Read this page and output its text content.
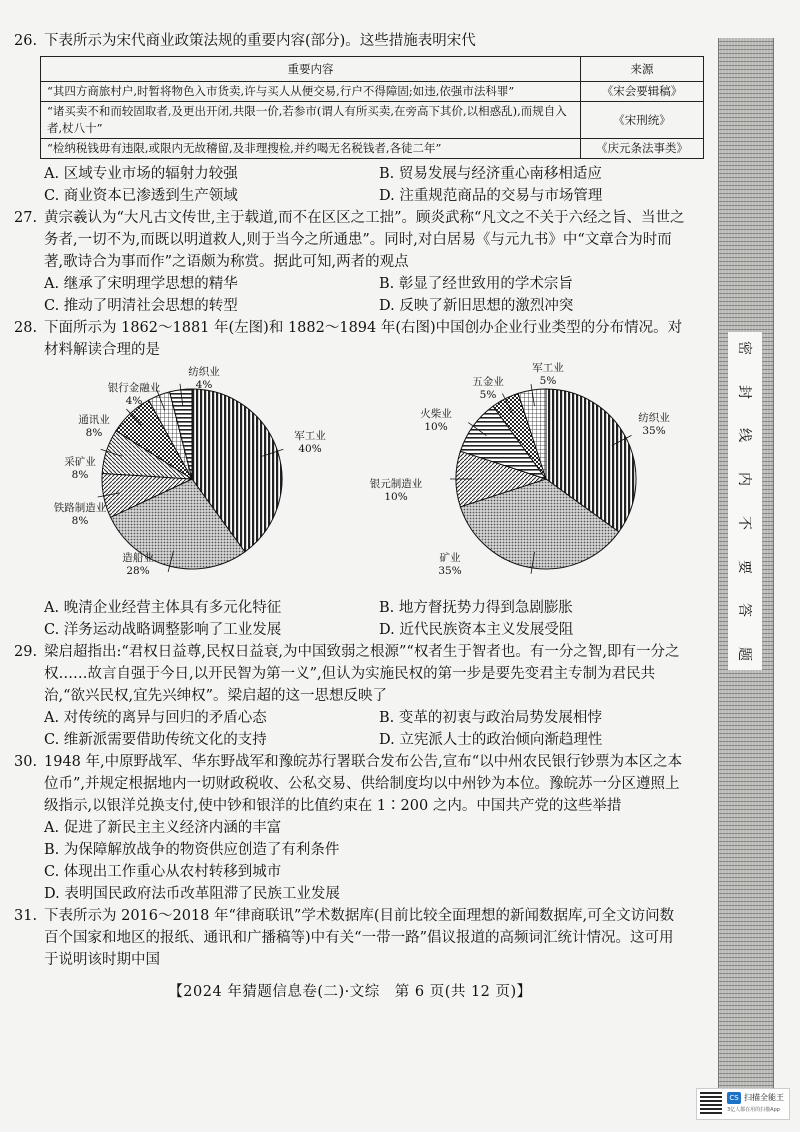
26. 下表所示为宋代商业政策法规的重要内容(部分)。这些措施表明宋代

重要内容	来源
“其四方商旅村户,时暂将物色入市货卖,许与买人从便交易,行户不得障固;如违,依强市法科罪”	《宋会要辑稿》
“诸买卖不和而较固取者,及更出开闭,共限一价,若参市(谓人有所买卖,在旁高下其价,以相惑乱),而规自入者,杖八十”	《宋刑统》
“检纳税钱毋有违限,或限内无故稽留,及非理搜检,并约喝无名税钱者,各徒二年”	《庆元条法事类》
A. 区域专业市场的辐射力较强	B. 贸易发展与经济重心南移相适应
C. 商业资本已渗透到生产领域	D. 注重规范商品的交易与市场管理

27. 黄宗羲认为“大凡古文传世,主于载道,而不在区区之工拙”。顾炎武称“凡文之不关于六经之旨、当世之务者,一切不为,而既以明道救人,则于当今之所通患”。同时,对白居易《与元九书》中“文章合为时而著,歌诗合为事而作”之语颇为称赏。据此可知,两者的观点

A. 继承了宋明理学思想的精华	B. 彰显了经世致用的学术宗旨
C. 推动了明清社会思想的转型	D. 反映了新旧思想的激烈冲突

28. 下面所示为 1862～1881 年(左图)和 1882～1894 年(右图)中国创办企业行业类型的分布情况。对材料解读合理的是

军工业
40%
造船业
28%
铁路制造业
8%
采矿业
8%
通讯业
8%
银行金融业
4%
纺织业
4%
纺织业
35%
矿业
35%
银元制造业
10%
火柴业
10%
五金业
5%
军工业
5%
A. 晚清企业经营主体具有多元化特征	B. 地方督抚势力得到急剧膨胀
C. 洋务运动战略调整影响了工业发展	D. 近代民族资本主义发展受阻

29. 梁启超指出:“君权日益尊,民权日益衰,为中国致弱之根源”“权者生于智者也。有一分之智,即有一分之权……故言自强于今日,以开民智为第一义”,但认为实施民权的第一步是要先变君主专制为君民共治,“欲兴民权,宜先兴绅权”。梁启超的这一思想反映了

A. 对传统的离异与回归的矛盾心态	B. 变革的初衷与政治局势发展相悖
C. 维新派需要借助传统文化的支持	D. 立宪派人士的政治倾向渐趋理性

30. 1948 年,中原野战军、华东野战军和豫皖苏行署联合发布公告,宣布“以中州农民银行钞票为本区之本位币”,并规定根据地内一切财政税收、公私交易、供给制度均以中州钞为本位。豫皖苏一分区遵照上级指示,以银洋兑换支付,使中钞和银洋的比值约束在 1∶200 之内。中国共产党的这些举措

A. 促进了新民主主义经济内涵的丰富

B. 为保障解放战争的物资供应创造了有利条件

C. 体现出工作重心从农村转移到城市

D. 表明国民政府法币改革阻滞了民族工业发展

31. 下表所示为 2016～2018 年“律商联讯”学术数据库(目前比较全面理想的新闻数据库,可全文访问数百个国家和地区的报纸、通讯和广播稿等)中有关“一带一路”倡议报道的高频词汇统计情况。这可用于说明该时期中国

【2024 年猜题信息卷(二)·文综　第 6 页(共 12 页)】

密
封
线
内
不
要
答
题
CS 扫描全能王
3亿人都在用的扫描App
